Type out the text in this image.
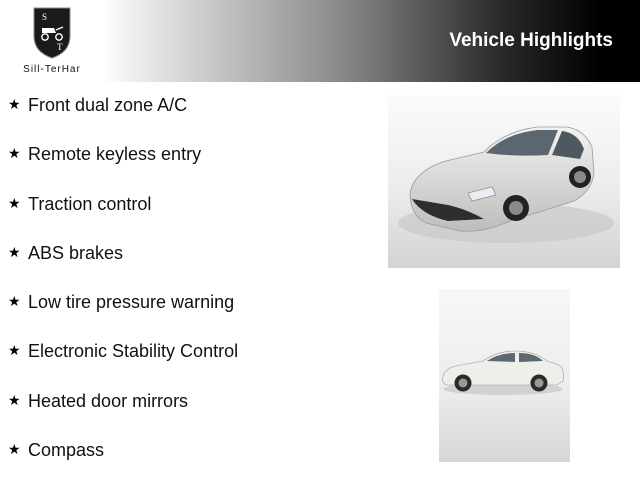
S
T
Sill-TerHar
Vehicle Highlights
★ Front dual zone A/C
★ Remote keyless entry
★ Traction control
★ ABS brakes
★ Low tire pressure warning
★ Electronic Stability Control
★ Heated door mirrors
★ Compass
